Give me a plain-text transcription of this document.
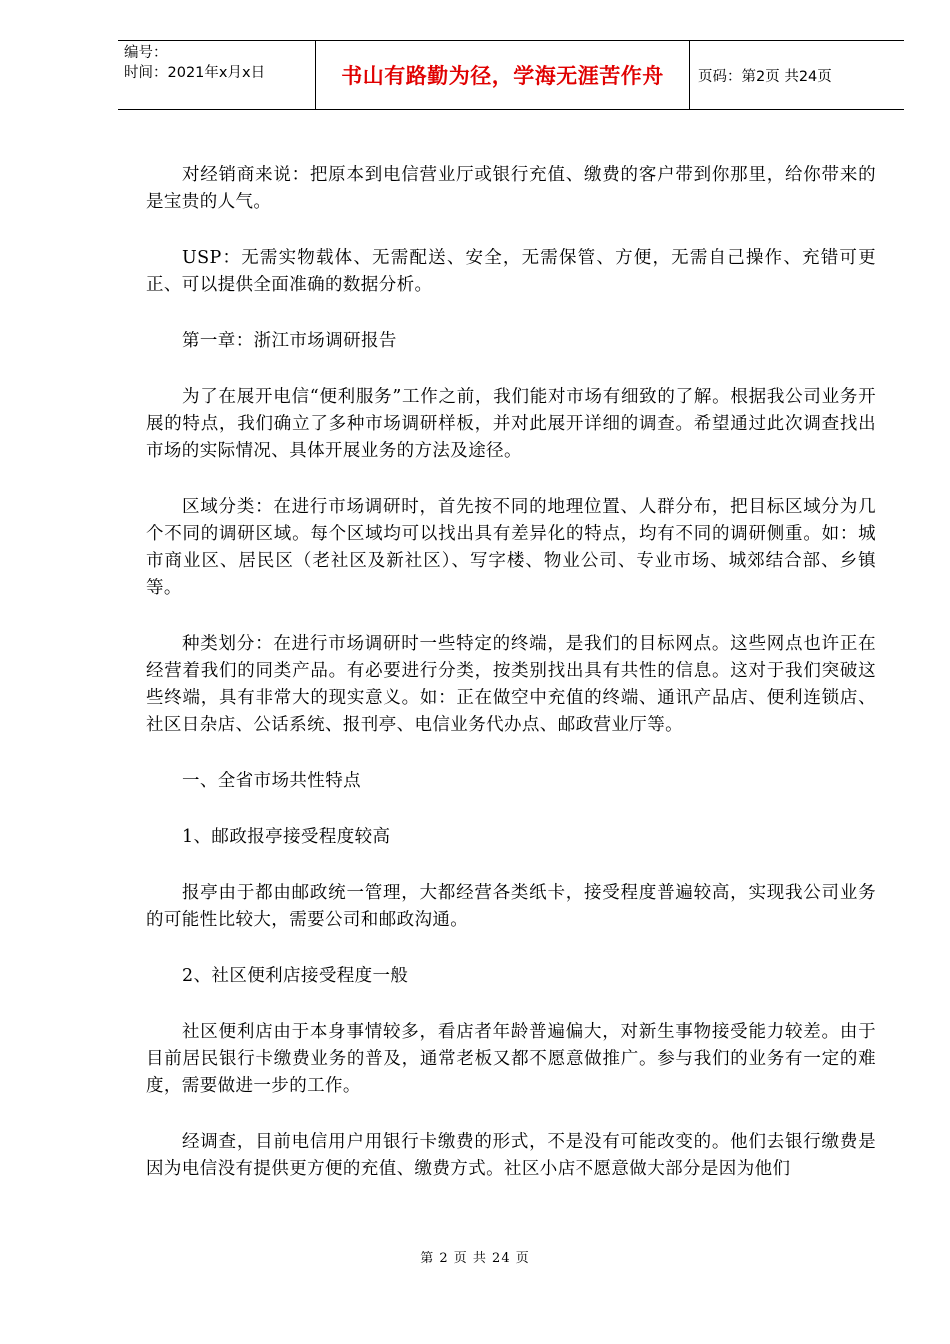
编号：
时间：2021年x月x日	书山有路勤为径，学海无涯苦作舟 页码：第2页 共24页

对经销商来说：把原本到电信营业厅或银行充值、缴费的客户带到你那里，给你带来的是宝贵的人气。

USP：无需实物载体、无需配送、安全，无需保管、方便，无需自己操作、充错可更正、可以提供全面准确的数据分析。

第一章：浙江市场调研报告

为了在展开电信“便利服务”工作之前，我们能对市场有细致的了解。根据我公司业务开展的特点，我们确立了多种市场调研样板，并对此展开详细的调查。希望通过此次调查找出市场的实际情况、具体开展业务的方法及途径。

区域分类：在进行市场调研时，首先按不同的地理位置、人群分布，把目标区域分为几个不同的调研区域。每个区域均可以找出具有差异化的特点，均有不同的调研侧重。如：城市商业区、居民区（老社区及新社区）、写字楼、物业公司、专业市场、城郊结合部、乡镇等。

种类划分：在进行市场调研时一些特定的终端，是我们的目标网点。这些网点也许正在经营着我们的同类产品。有必要进行分类，按类别找出具有共性的信息。这对于我们突破这些终端，具有非常大的现实意义。如：正在做空中充值的终端、通讯产品店、便利连锁店、社区日杂店、公话系统、报刊亭、电信业务代办点、邮政营业厅等。

一、全省市场共性特点

1、邮政报亭接受程度较高

报亭由于都由邮政统一管理，大都经营各类纸卡，接受程度普遍较高，实现我公司业务的可能性比较大，需要公司和邮政沟通。

2、社区便利店接受程度一般

社区便利店由于本身事情较多，看店者年龄普遍偏大，对新生事物接受能力较差。由于目前居民银行卡缴费业务的普及，通常老板又都不愿意做推广。参与我们的业务有一定的难度，需要做进一步的工作。

经调查，目前电信用户用银行卡缴费的形式，不是没有可能改变的。他们去银行缴费是因为电信没有提供更方便的充值、缴费方式。社区小店不愿意做大部分是因为他们

第 2 页 共 24 页
